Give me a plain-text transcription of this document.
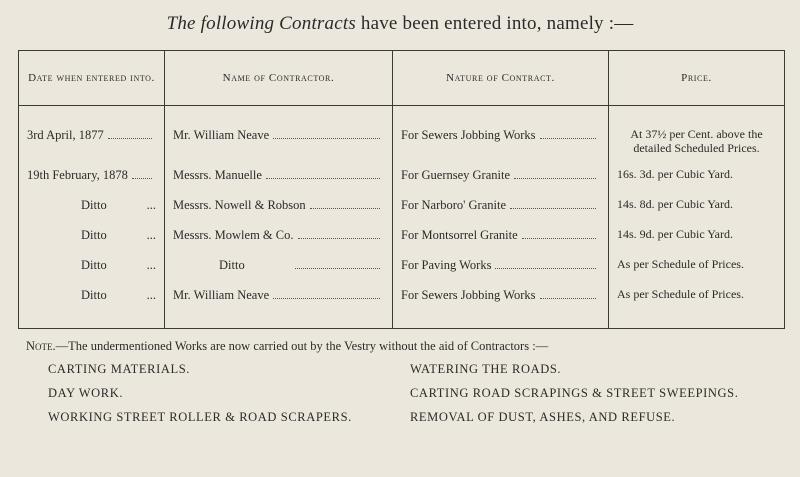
The following Contracts have been entered into, namely :—
Date when entered into.	Name of Contractor.	Nature of Contract.	Price.

3rd April, 1877	Mr. William Neave	For Sewers Jobbing Works	At 37½ per Cent. above the detailed Scheduled Prices.

19th February, 1878	Messrs. Manuelle	For Guernsey Granite	16s. 3d. per Cubic Yard.

Ditto ...	Messrs. Nowell & Robson	For Narboro' Granite	14s. 8d. per Cubic Yard.

Ditto ...	Messrs. Mowlem & Co.	For Montsorrel Granite	14s. 9d. per Cubic Yard.

Ditto ...	Ditto	For Paving Works	As per Schedule of Prices.

Ditto ...	Mr. William Neave	For Sewers Jobbing Works	As per Schedule of Prices.
Note.—The undermentioned Works are now carried out by the Vestry without the aid of Contractors :—
CARTING MATERIALS.	WATERING THE ROADS.
DAY WORK.	CARTING ROAD SCRAPINGS & STREET SWEEPINGS.
WORKING STREET ROLLER & ROAD SCRAPERS.	REMOVAL OF DUST, ASHES, AND REFUSE.
